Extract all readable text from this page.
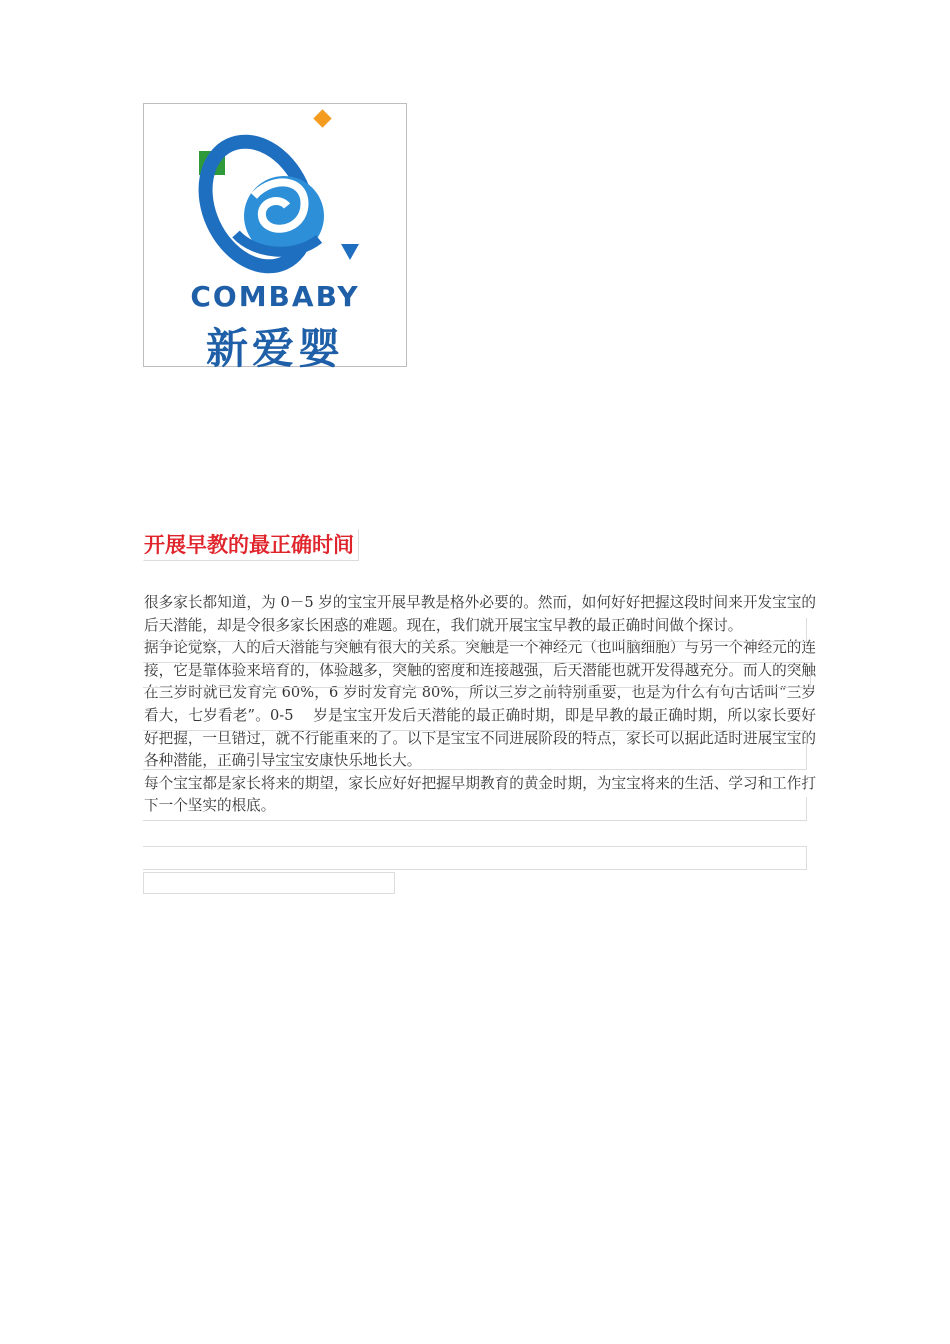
COMBABY
新爱婴
开展早教的最正确时间

很多家长都知道，为 0－5 岁的宝宝开展早教是格外必要的。然而，如何好好把握这段时间来开发宝宝的后天潜能，却是令很多家长困惑的难题。现在，我们就开展宝宝早教的最正确时间做个探讨。

据争论觉察，人的后天潜能与突触有很大的关系。突触是一个神经元（也叫脑细胞）与另一个神经元的连接，它是靠体验来培育的，体验越多，突触的密度和连接越强，后天潜能也就开发得越充分。而人的突触在三岁时就已发育完 60%，6 岁时发育完 80%，所以三岁之前特别重要，也是为什么有句古话叫“三岁看大，七岁看老”。0-5　 岁是宝宝开发后天潜能的最正确时期，即是早教的最正确时期，所以家长要好好把握，一旦错过，就不行能重来的了。以下是宝宝不同进展阶段的特点，家长可以据此适时进展宝宝的各种潜能，正确引导宝宝安康快乐地长大。

每个宝宝都是家长将来的期望，家长应好好把握早期教育的黄金时期，为宝宝将来的生活、学习和工作打下一个坚实的根底。
